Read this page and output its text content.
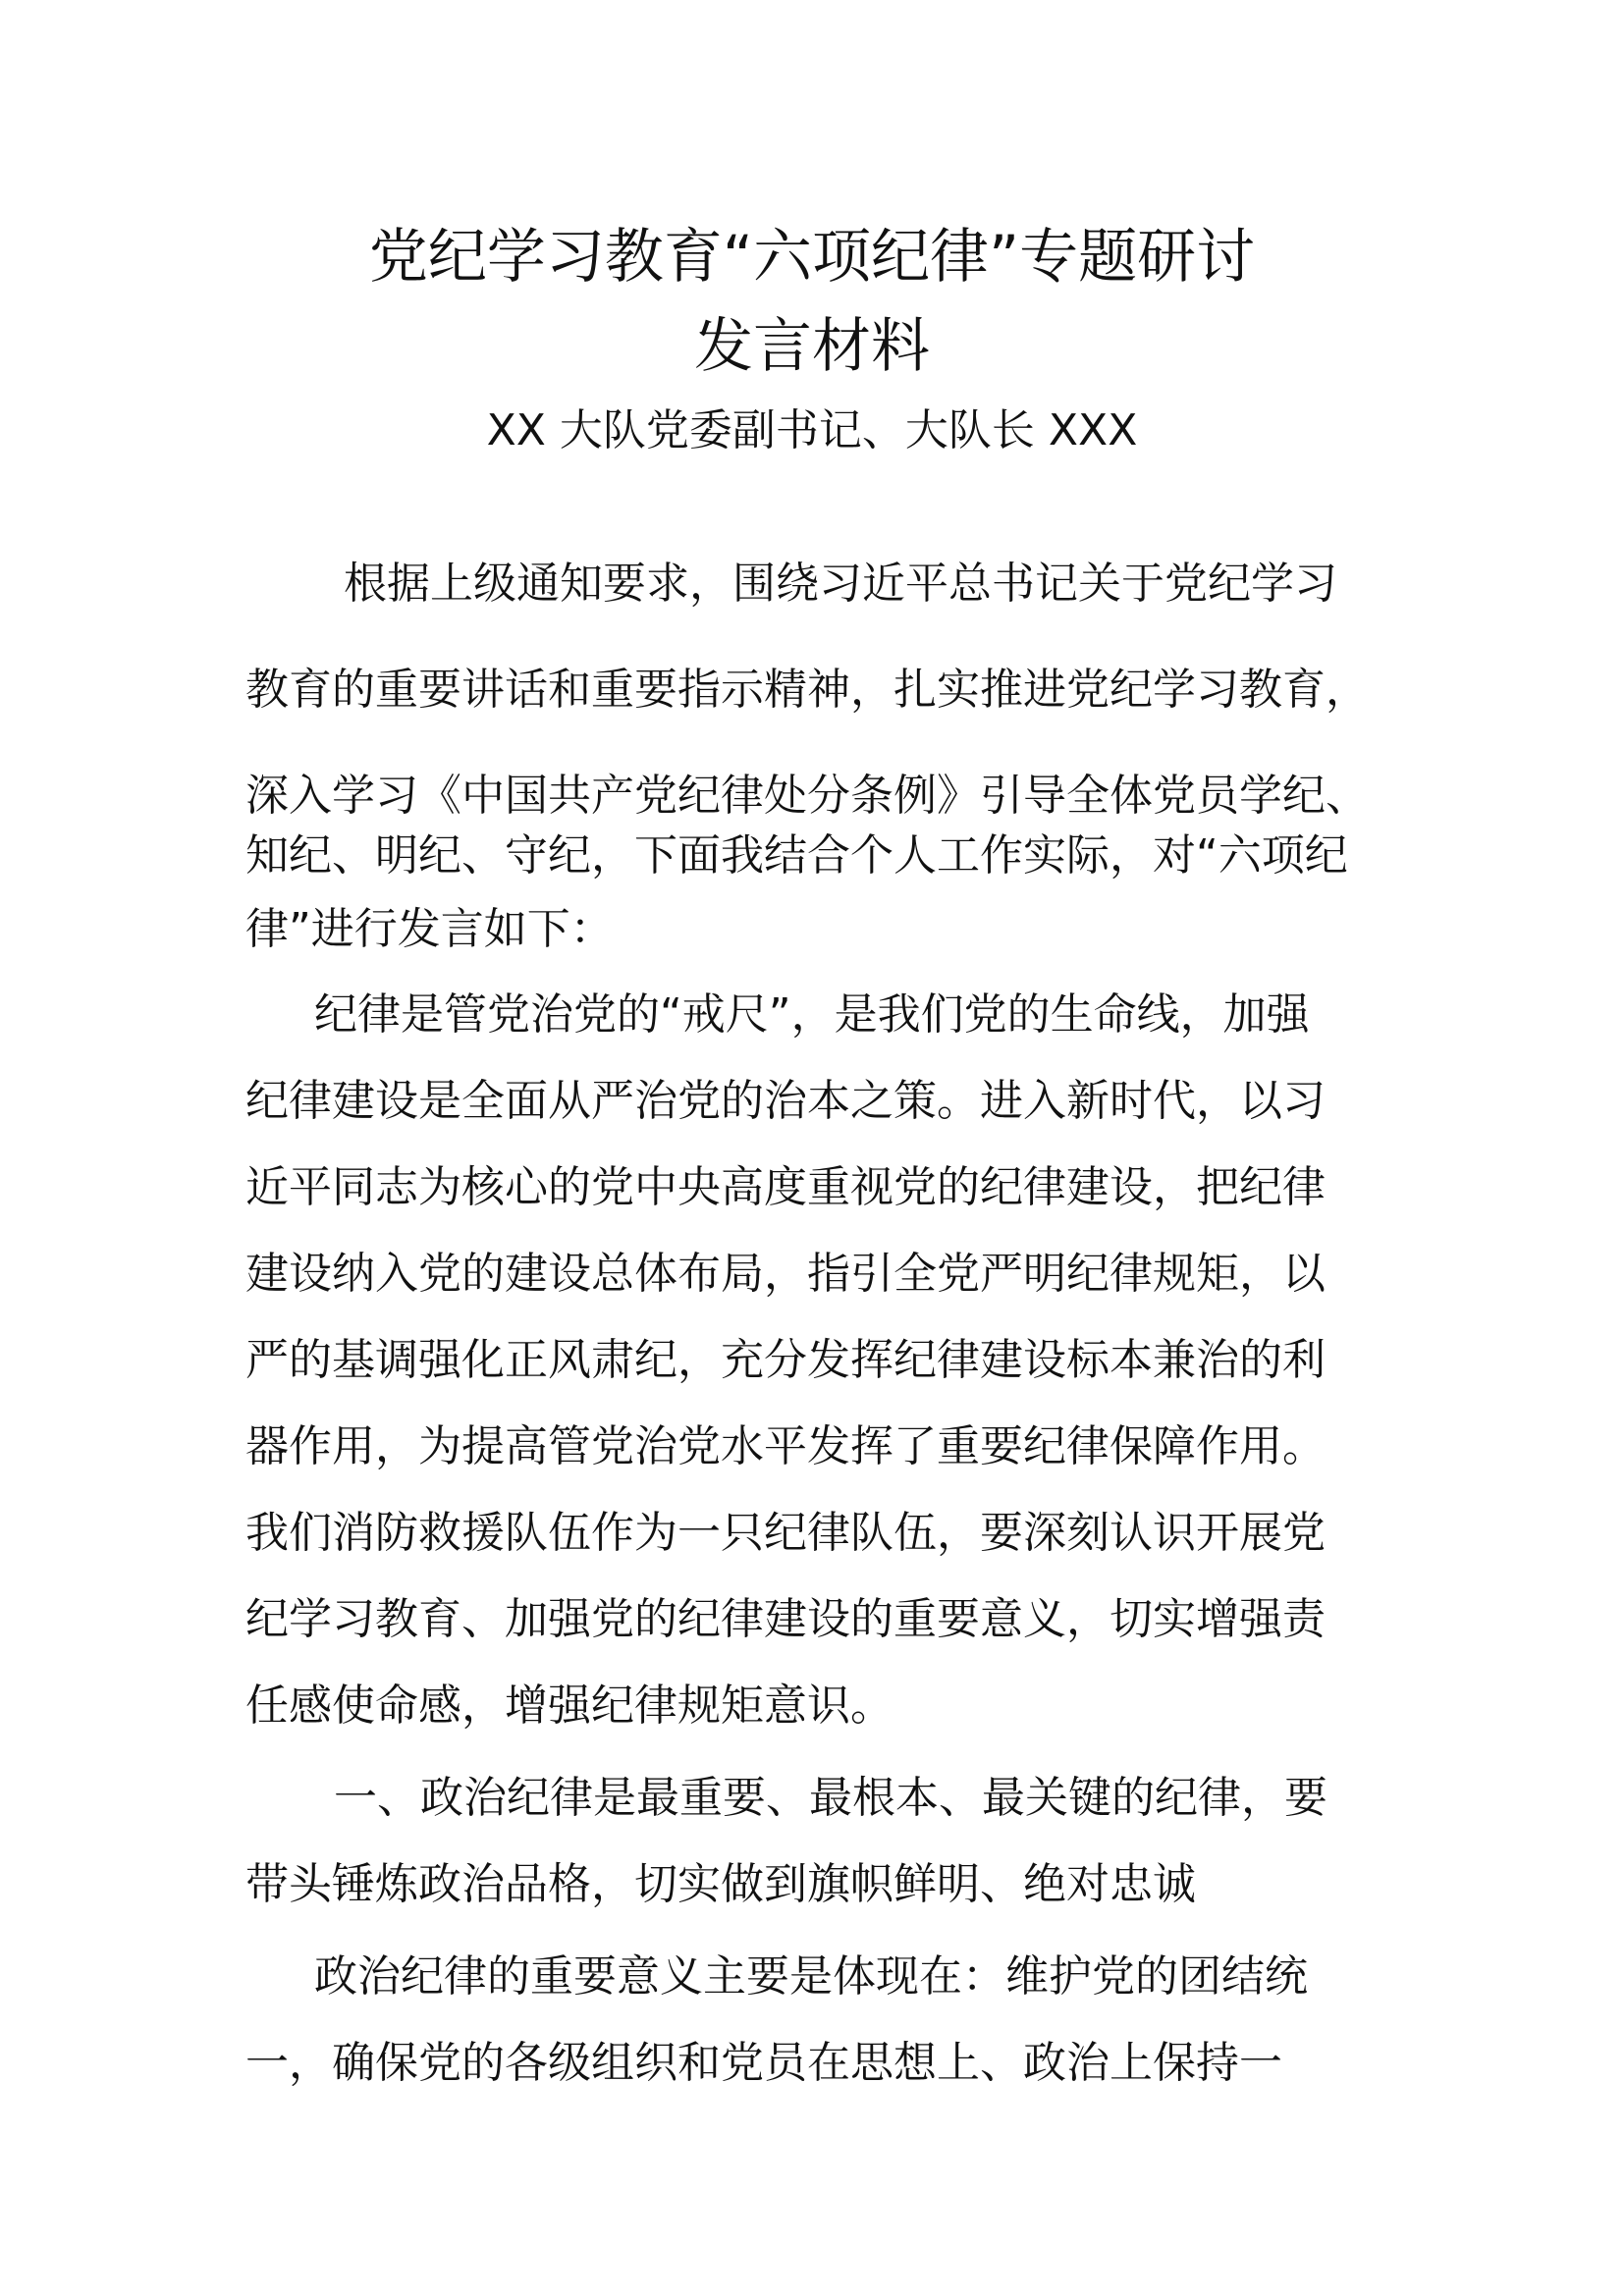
党纪学习教育“六项纪律”专题研讨
发言材料

XX 大队党委副书记、大队长 XXX

根据上级通知要求，围绕习近平总书记关于党纪学习

教育的重要讲话和重要指示精神，扎实推进党纪学习教育，

深入学习《中国共产党纪律处分条例》引导全体党员学纪、

知纪、明纪、守纪，下面我结合个人工作实际，对“六项纪

律”进行发言如下：

纪律是管党治党的“戒尺”，是我们党的生命线，加强

纪律建设是全面从严治党的治本之策。进入新时代，以习

近平同志为核心的党中央高度重视党的纪律建设，把纪律

建设纳入党的建设总体布局，指引全党严明纪律规矩，以

严的基调强化正风肃纪，充分发挥纪律建设标本兼治的利

器作用，为提高管党治党水平发挥了重要纪律保障作用。

我们消防救援队伍作为一只纪律队伍，要深刻认识开展党

纪学习教育、加强党的纪律建设的重要意义，切实增强责

任感使命感，增强纪律规矩意识。

一、政治纪律是最重要、最根本、最关键的纪律，要

带头锤炼政治品格，切实做到旗帜鲜明、绝对忠诚

政治纪律的重要意义主要是体现在：维护党的团结统

一，确保党的各级组织和党员在思想上、政治上保持一
